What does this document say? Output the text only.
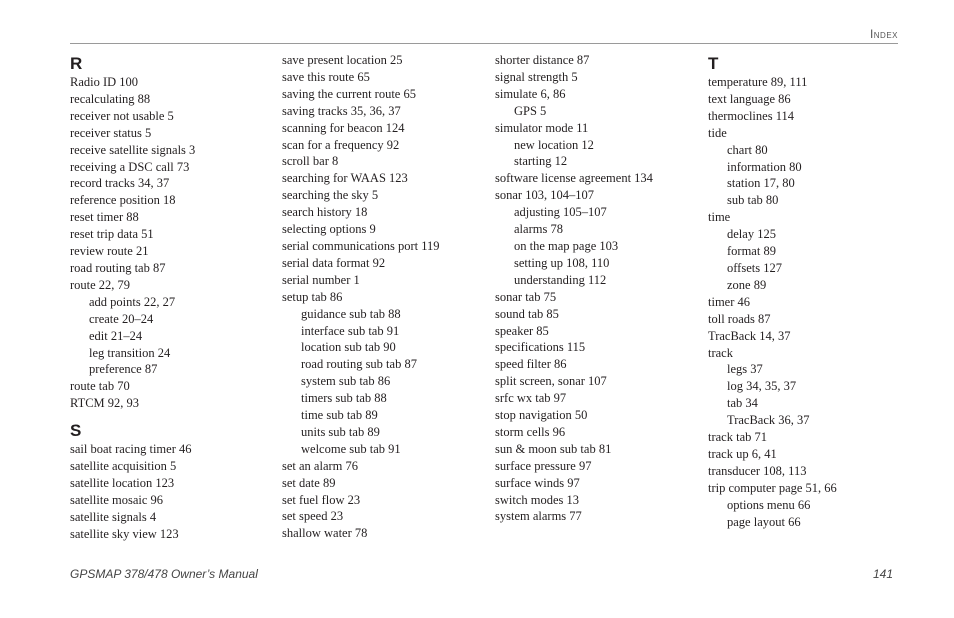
Index
R
Radio ID 100
recalculating 88
receiver not usable 5
receiver status 5
receive satellite signals 3
receiving a DSC call 73
record tracks 34, 37
reference position 18
reset timer 88
reset trip data 51
review route 21
road routing tab 87
route 22, 79
add points 22, 27
create 20–24
edit 21–24
leg transition 24
preference 87
route tab 70
RTCM 92, 93
S
sail boat racing timer 46
satellite acquisition 5
satellite location 123
satellite mosaic 96
satellite signals 4
satellite sky view 123
save present location 25
save this route 65
saving the current route 65
saving tracks 35, 36, 37
scanning for beacon 124
scan for a frequency 92
scroll bar 8
searching for WAAS 123
searching the sky 5
search history 18
selecting options 9
serial communications port 119
serial data format 92
serial number 1
setup tab 86
guidance sub tab 88
interface sub tab 91
location sub tab 90
road routing sub tab 87
system sub tab 86
timers sub tab 88
time sub tab 89
units sub tab 89
welcome sub tab 91
set an alarm 76
set date 89
set fuel flow 23
set speed 23
shallow water 78
shorter distance 87
signal strength 5
simulate 6, 86
GPS 5
simulator mode 11
new location 12
starting 12
software license agreement 134
sonar 103, 104–107
adjusting 105–107
alarms 78
on the map page 103
setting up 108, 110
understanding 112
sonar tab 75
sound tab 85
speaker 85
specifications 115
speed filter 86
split screen, sonar 107
srfc wx tab 97
stop navigation 50
storm cells 96
sun & moon sub tab 81
surface pressure 97
surface winds 97
switch modes 13
system alarms 77
T
temperature 89, 111
text language 86
thermoclines 114
tide
chart 80
information 80
station 17, 80
sub tab 80
time
delay 125
format 89
offsets 127
zone 89
timer 46
toll roads 87
TracBack 14, 37
track
legs 37
log 34, 35, 37
tab 34
TracBack 36, 37
track tab 71
track up 6, 41
transducer 108, 113
trip computer page 51, 66
options menu 66
page layout 66
GPSMAP 378/478 Owner’s Manual	141
